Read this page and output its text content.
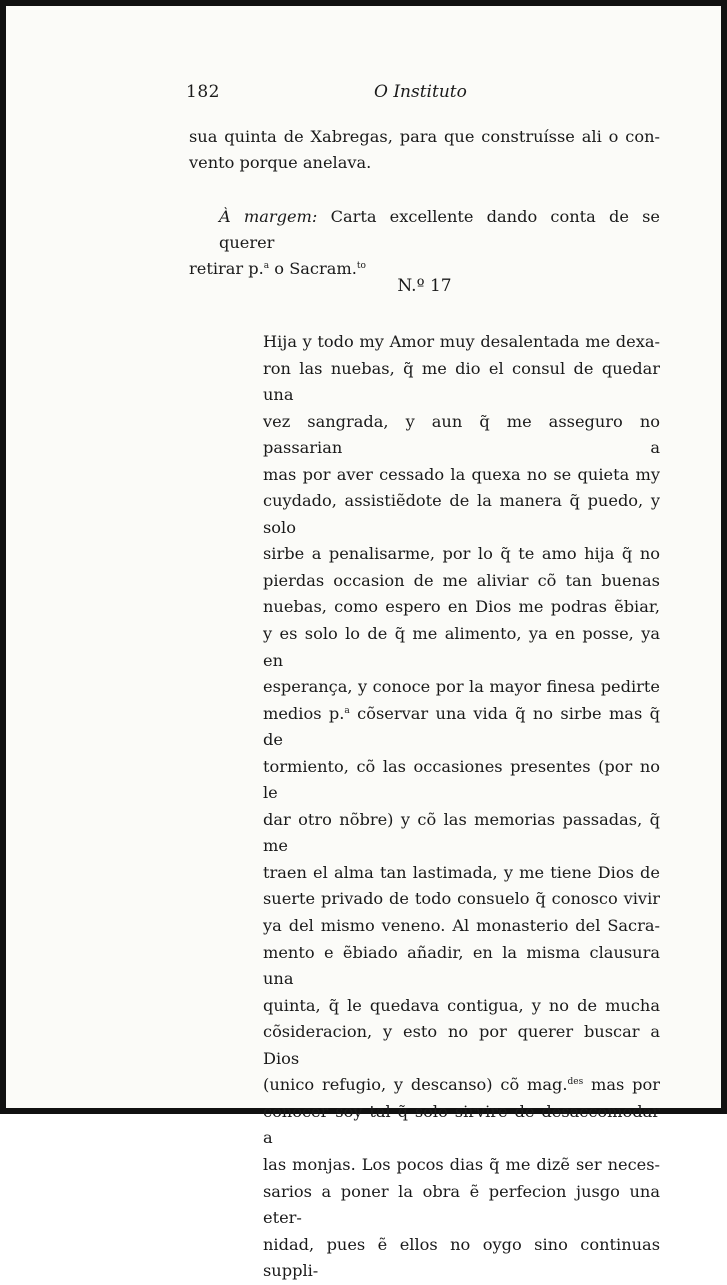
182	O Instituto
sua quinta de Xabregas, para que construísse ali o con-
vento porque anelava.
À margem: Carta excellente dando conta de se querer
retirar p.$^a$ o Sacram.$^{to}$
N.º 17
Hija y todo my Amor muy desalentada me dexa-
ron las nuebas, q̃ me dio el consul de quedar una
vez sangrada, y aun q̃ me asseguro no passarian a
mas por aver cessado la quexa no se quieta my
cuydado, assistiẽdote de la manera q̃ puedo, y solo
sirbe a penalisarme, por lo q̃ te amo hija q̃ no
pierdas occasion de me aliviar cõ tan buenas
nuebas, como espero en Dios me podras ẽbiar,
y es solo lo de q̃ me alimento, ya en posse, ya en
esperança, y conoce por la mayor finesa pedirte
medios p.$^a$ cõservar una vida q̃ no sirbe mas q̃ de
tormiento, cõ las occasiones presentes (por no le
dar otro nõbre) y cõ las memorias passadas, q̃ me
traen el alma tan lastimada, y me tiene Dios de
suerte privado de todo consuelo q̃ conosco vivir
ya del mismo veneno. Al monasterio del Sacra-
mento e ẽbiado añadir, en la misma clausura una
quinta, q̃ le quedava contigua, y no de mucha
cõsideracion, y esto no por querer buscar a Dios
(unico refugio, y descanso) cõ mag.$^{des}$ mas por
conocer soy tal q̃ solo sirvire de desaccomodar a
las monjas. Los pocos dias q̃ me dizẽ ser neces-
sarios a poner la obra ẽ perfecion jusgo una eter-
nidad, pues ẽ ellos no oygo sino continuas suppli-
